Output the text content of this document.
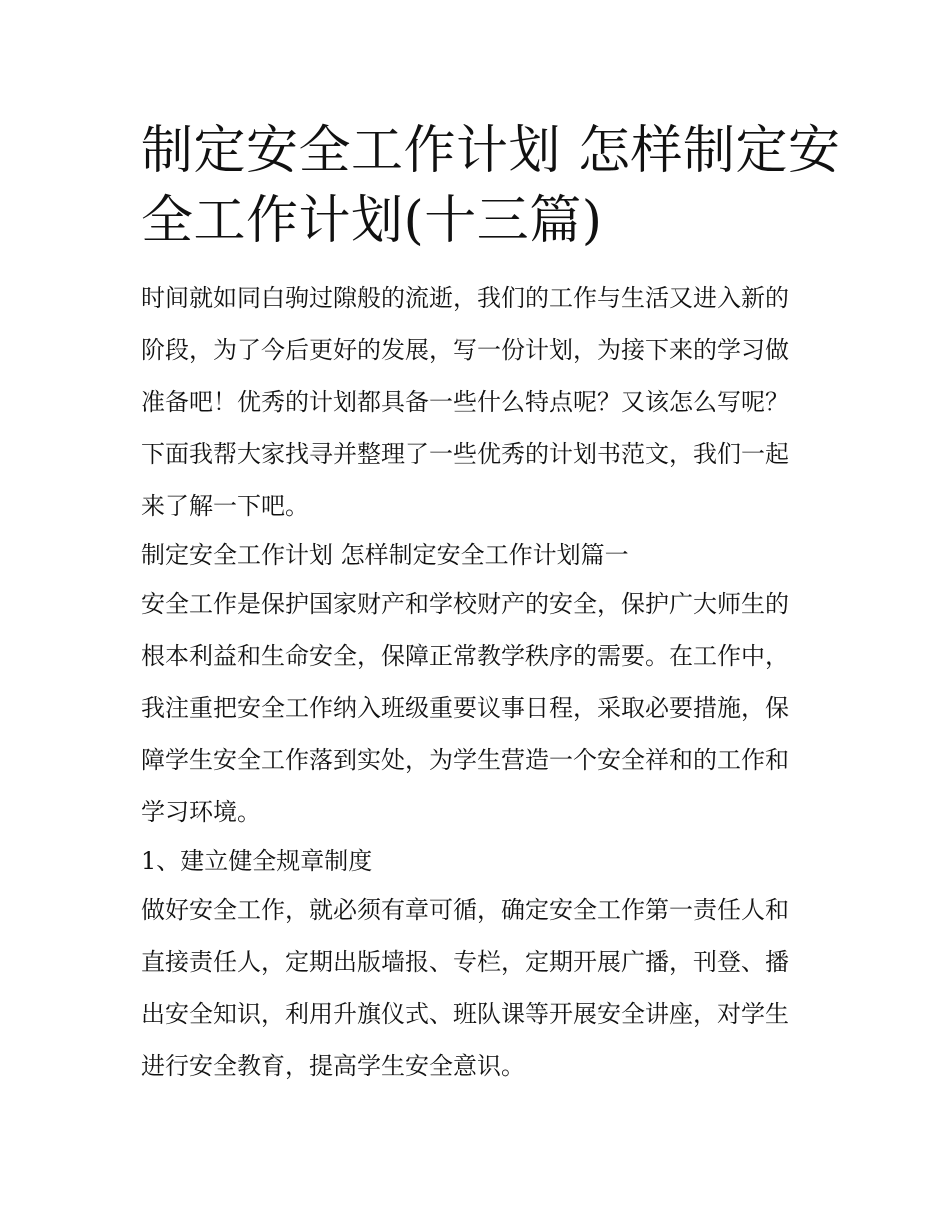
制定安全工作计划 怎样制定安
全工作计划(十三篇)

时间就如同白驹过隙般的流逝，我们的工作与生活又进入新的
阶段，为了今后更好的发展，写一份计划，为接下来的学习做
准备吧！优秀的计划都具备一些什么特点呢？又该怎么写呢？
下面我帮大家找寻并整理了一些优秀的计划书范文，我们一起
来了解一下吧。

制定安全工作计划 怎样制定安全工作计划篇一

安全工作是保护国家财产和学校财产的安全，保护广大师生的
根本利益和生命安全，保障正常教学秩序的需要。在工作中，
我注重把安全工作纳入班级重要议事日程，采取必要措施，保
障学生安全工作落到实处，为学生营造一个安全祥和的工作和
学习环境。

1、建立健全规章制度

做好安全工作，就必须有章可循，确定安全工作第一责任人和
直接责任人，定期出版墙报、专栏，定期开展广播，刊登、播
出安全知识，利用升旗仪式、班队课等开展安全讲座，对学生
进行安全教育，提高学生安全意识。
